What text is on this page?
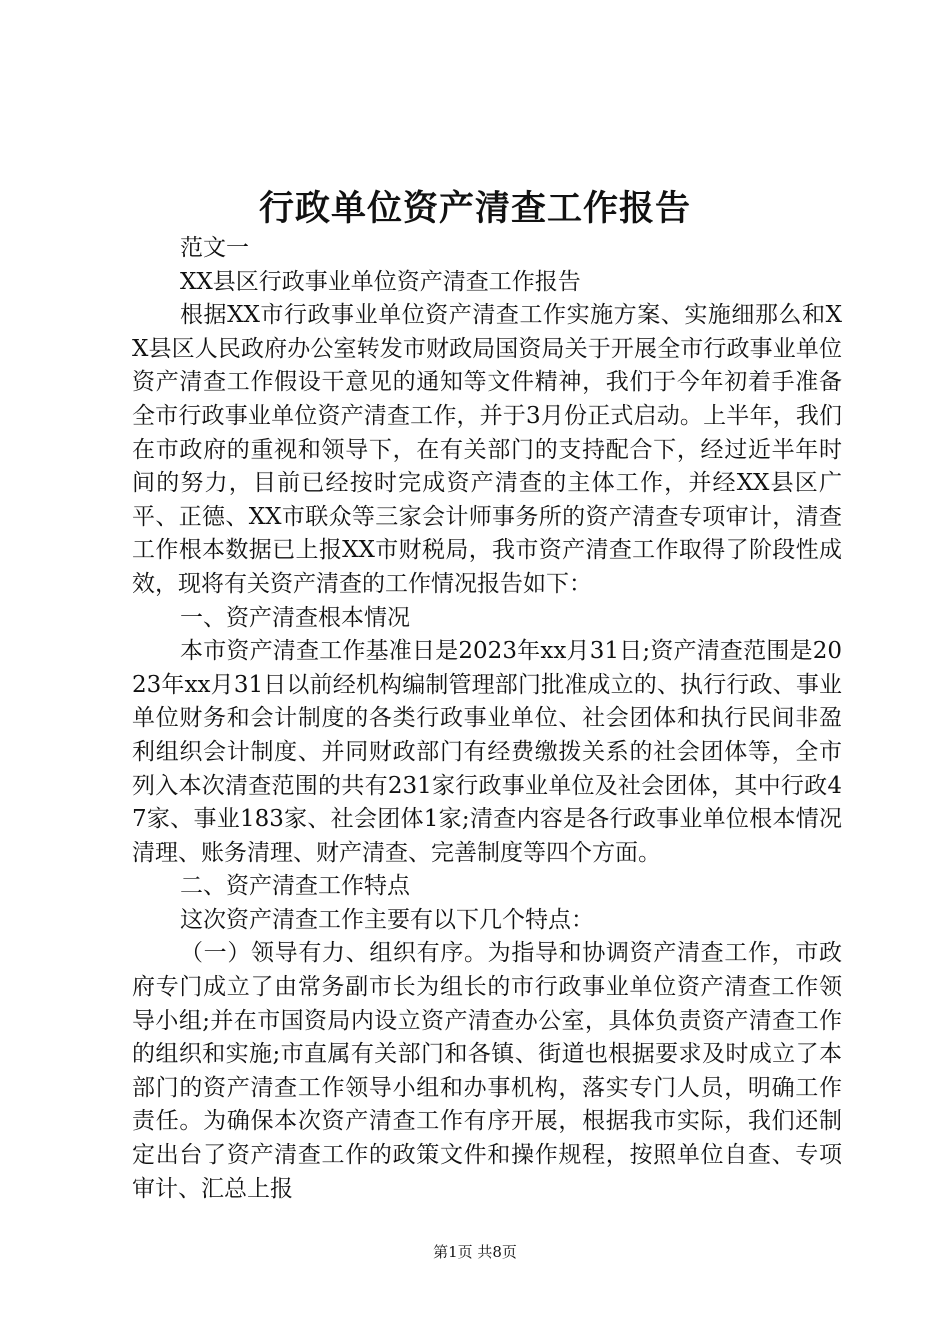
行政单位资产清查工作报告

范文一

XX县区行政事业单位资产清查工作报告

根据XX市行政事业单位资产清查工作实施方案、实施细那么和XX县区人民政府办公室转发市财政局国资局关于开展全市行政事业单位资产清查工作假设干意见的通知等文件精神，我们于今年初着手准备全市行政事业单位资产清查工作，并于3月份正式启动。上半年，我们在市政府的重视和领导下，在有关部门的支持配合下，经过近半年时间的努力，目前已经按时完成资产清查的主体工作，并经XX县区广平、正德、XX市联众等三家会计师事务所的资产清查专项审计，清查工作根本数据已上报XX市财税局，我市资产清查工作取得了阶段性成效，现将有关资产清查的工作情况报告如下：

一、资产清查根本情况

本市资产清查工作基准日是2023年xx月31日;资产清查范围是2023年xx月31日以前经机构编制管理部门批准成立的、执行行政、事业单位财务和会计制度的各类行政事业单位、社会团体和执行民间非盈利组织会计制度、并同财政部门有经费缴拨关系的社会团体等，全市列入本次清查范围的共有231家行政事业单位及社会团体，其中行政47家、事业183家、社会团体1家;清查内容是各行政事业单位根本情况清理、账务清理、财产清查、完善制度等四个方面。

二、资产清查工作特点

这次资产清查工作主要有以下几个特点：

（一）领导有力、组织有序。为指导和协调资产清查工作，市政府专门成立了由常务副市长为组长的市行政事业单位资产清查工作领导小组;并在市国资局内设立资产清查办公室，具体负责资产清查工作的组织和实施;市直属有关部门和各镇、街道也根据要求及时成立了本部门的资产清查工作领导小组和办事机构，落实专门人员，明确工作责任。为确保本次资产清查工作有序开展，根据我市实际，我们还制定出台了资产清查工作的政策文件和操作规程，按照单位自查、专项审计、汇总上报

第1页 共8页
